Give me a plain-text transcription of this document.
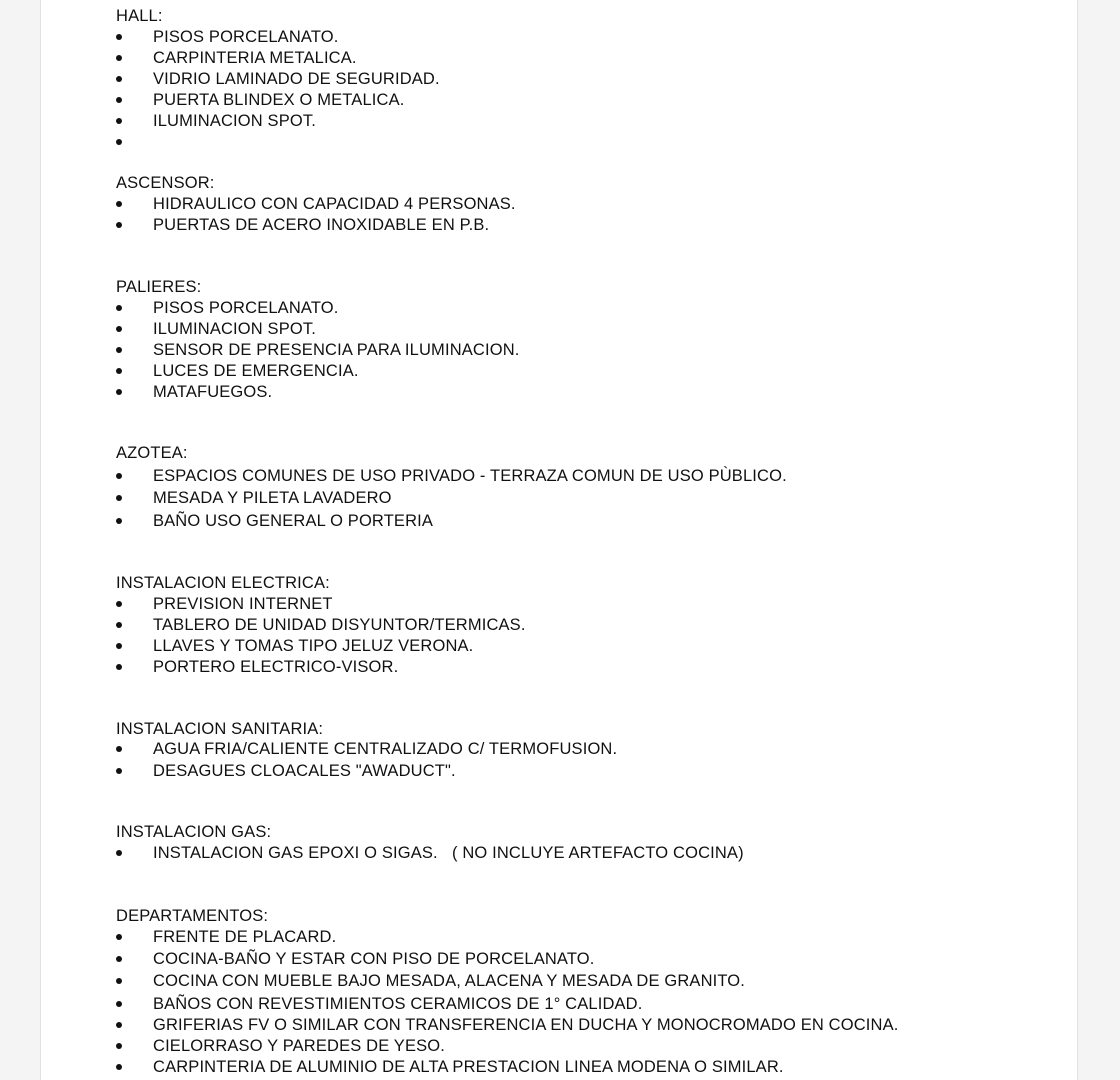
HALL:
PISOS PORCELANATO.
CARPINTERIA METALICA.
VIDRIO LAMINADO DE SEGURIDAD.
PUERTA BLINDEX O METALICA.
ILUMINACION SPOT.
ASCENSOR:
HIDRAULICO CON CAPACIDAD 4 PERSONAS.
PUERTAS DE ACERO INOXIDABLE EN P.B.
PALIERES:
PISOS PORCELANATO.
ILUMINACION SPOT.
SENSOR DE PRESENCIA PARA ILUMINACION.
LUCES DE EMERGENCIA.
MATAFUEGOS.
AZOTEA:
ESPACIOS COMUNES DE USO PRIVADO - TERRAZA COMUN DE USO PÙBLICO.
MESADA Y PILETA LAVADERO
BAÑO USO GENERAL O PORTERIA
INSTALACION ELECTRICA:
PREVISION INTERNET
TABLERO DE UNIDAD DISYUNTOR/TERMICAS.
LLAVES Y TOMAS TIPO JELUZ VERONA.
PORTERO ELECTRICO-VISOR.
INSTALACION SANITARIA:
AGUA FRIA/CALIENTE CENTRALIZADO C/ TERMOFUSION.
DESAGUES CLOACALES "AWADUCT".
INSTALACION GAS:
INSTALACION GAS EPOXI O SIGAS.   ( NO INCLUYE ARTEFACTO COCINA)
DEPARTAMENTOS:
FRENTE DE PLACARD.
COCINA-BAÑO Y ESTAR CON PISO DE PORCELANATO.
COCINA CON MUEBLE BAJO MESADA, ALACENA Y MESADA DE GRANITO.
BAÑOS CON REVESTIMIENTOS CERAMICOS DE 1° CALIDAD.
GRIFERIAS FV O SIMILAR CON TRANSFERENCIA EN DUCHA Y MONOCROMADO EN COCINA.
CIELORRASO Y PAREDES DE YESO.
CARPINTERIA DE ALUMINIO DE ALTA PRESTACION LINEA MODENA O SIMILAR.
